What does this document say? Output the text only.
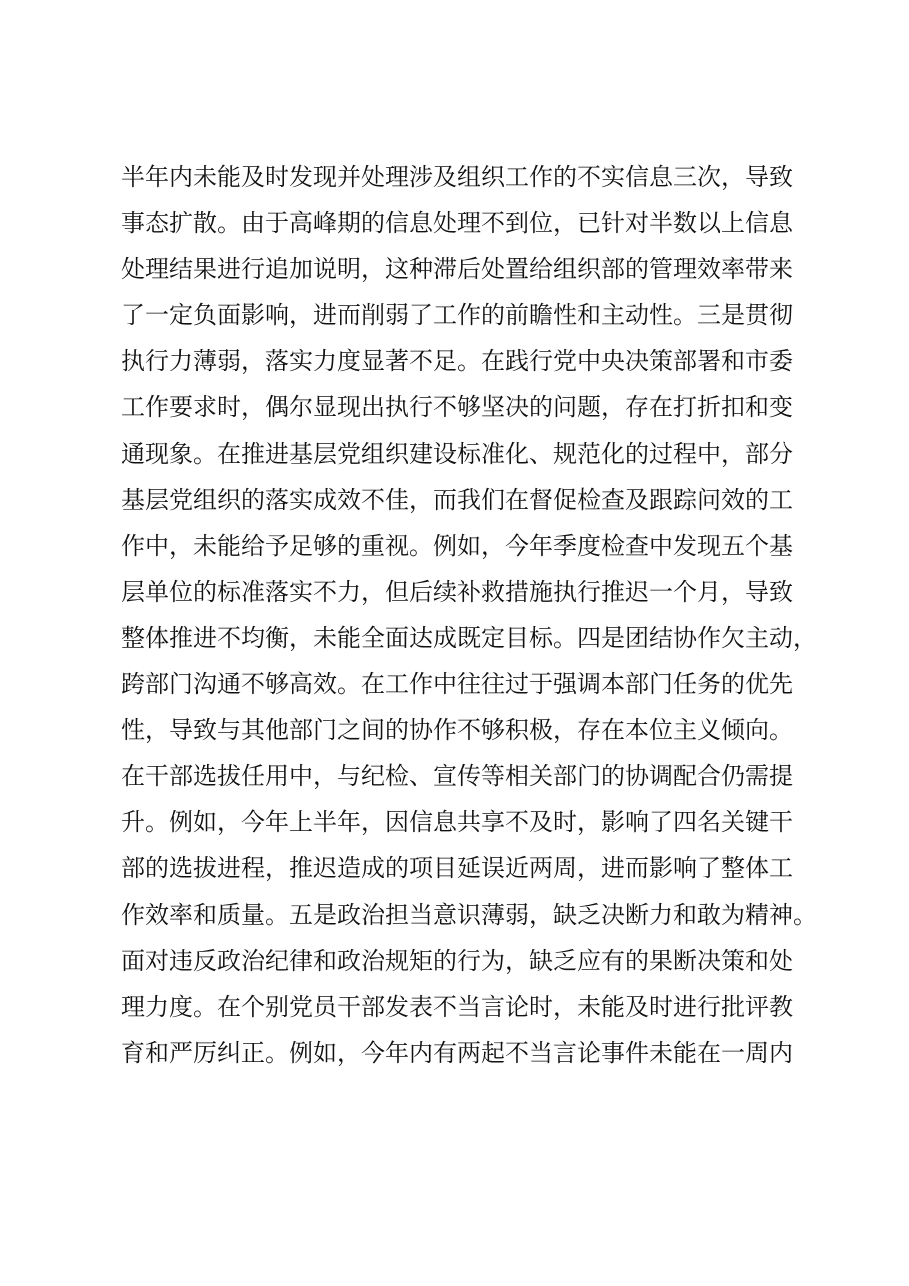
半年内未能及时发现并处理涉及组织工作的不实信息三次，导致
事态扩散。由于高峰期的信息处理不到位，已针对半数以上信息
处理结果进行追加说明，这种滞后处置给组织部的管理效率带来
了一定负面影响，进而削弱了工作的前瞻性和主动性。三是贯彻
执行力薄弱，落实力度显著不足。在践行党中央决策部署和市委
工作要求时，偶尔显现出执行不够坚决的问题，存在打折扣和变
通现象。在推进基层党组织建设标准化、规范化的过程中，部分
基层党组织的落实成效不佳，而我们在督促检查及跟踪问效的工
作中，未能给予足够的重视。例如，今年季度检查中发现五个基
层单位的标准落实不力，但后续补救措施执行推迟一个月，导致
整体推进不均衡，未能全面达成既定目标。四是团结协作欠主动，
跨部门沟通不够高效。在工作中往往过于强调本部门任务的优先
性，导致与其他部门之间的协作不够积极，存在本位主义倾向。
在干部选拔任用中，与纪检、宣传等相关部门的协调配合仍需提
升。例如，今年上半年，因信息共享不及时，影响了四名关键干
部的选拔进程，推迟造成的项目延误近两周，进而影响了整体工
作效率和质量。五是政治担当意识薄弱，缺乏决断力和敢为精神。
面对违反政治纪律和政治规矩的行为，缺乏应有的果断决策和处
理力度。在个别党员干部发表不当言论时，未能及时进行批评教
育和严厉纠正。例如，今年内有两起不当言论事件未能在一周内
